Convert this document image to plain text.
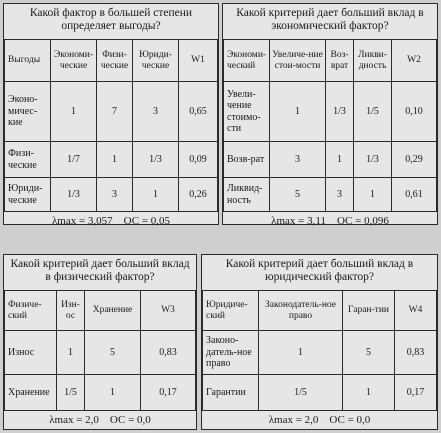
Какой фактор в большей степени определяет выгоды?
Выгоды	Экономи-ческие	Физи-ческие	Юриди-ческие	W1
Эконо-мичес-кие	1	7	3	0,65
Физи-ческие	1/7	1	1/3	0,09
Юриди-ческие	1/3	3	1	0,26
λmax = 3,057 ОС = 0,05
Какой критерий дает больший вклад в экономический фактор?
Экономи-ческий	Увеличе-ние стои-мости	Воз-врат	Ликви-дность	W2
Увели-чение стоимо-сти	1	1/3	1/5	0,10
Возв-рат	3	1	1/3	0,29
Ликвид-ность	5	3	1	0,61
λmax = 3,11 ОС = 0,096
Какой критерий дает больший вклад в физический фактор?
Физиче-ский	Изн-ос	Хранение	W3
Износ	1	5	0,83
Хранение	1/5	1	0,17
λmax = 2,0 ОС = 0,0
Какой критерий дает больший вклад в юридический фактор?
Юридиче-ский	Законодатель-ное право	Гаран-тии	W4
Законо-датель-ное право	1	5	0,83
Гарантии	1/5	1	0,17
λmax = 2,0 ОС = 0,0
